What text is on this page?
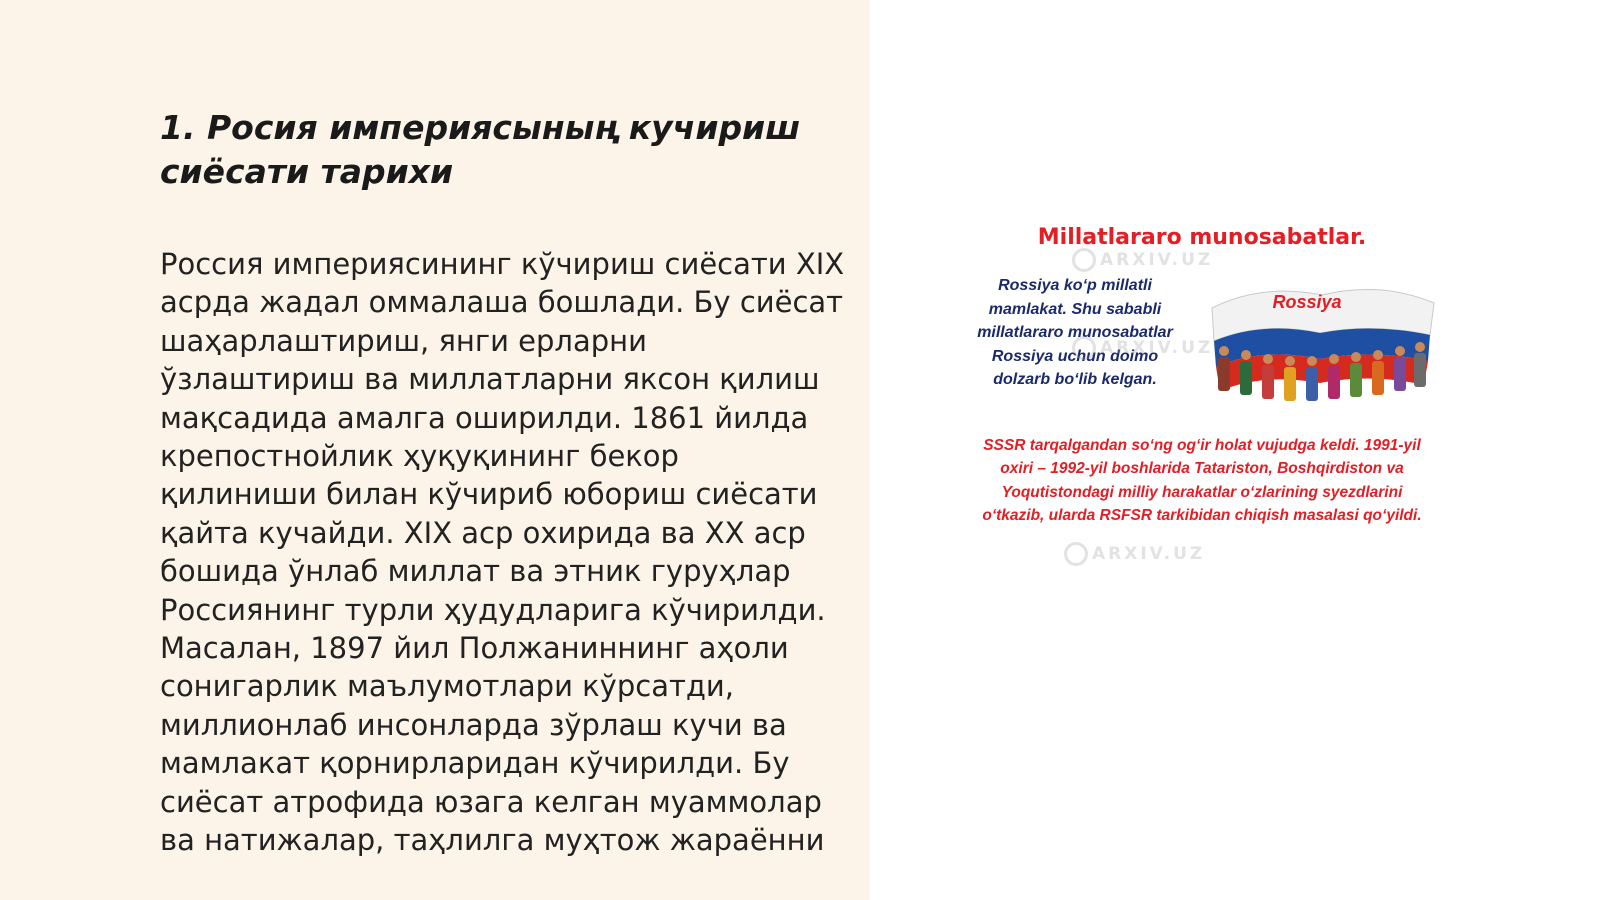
1. Росия империясының кучириш сиёсати тарихи

Россия империясининг кўчириш сиёсати XIX асрда жадал оммалаша бошлади. Бу сиёсат шаҳарлаштириш, янги ерларни ўзлаштириш ва миллатларни яксон қилиш мақсадида амалга оширилди. 1861 йилда крепостнойлик ҳуқуқининг бекор қилиниши билан кўчириб юбориш сиёсати қайта кучайди. XIX аср охирида ва XX аср бошида ўнлаб миллат ва этник гуруҳлар Россиянинг турли ҳудудларига кўчирилди. Масалан, 1897 йил Полжаниннинг аҳоли сонигарлик маълумотлари кўрсатди, миллионлаб инсонларда зўрлаш кучи ва мамлакат қорнирларидан кўчирилди. Бу сиёсат атрофида юзага келган муаммолар ва натижалар, таҳлилга муҳтож жараённи

Millatlararo munosabatlar.
Rossiya ko‘p millatli mamlakat. Shu sababli millatlararo munosabatlar Rossiya uchun doimo dolzarb bo‘lib kelgan.
Rossiya
SSSR tarqalgandan so‘ng og‘ir holat vujudga keldi. 1991-yil oxiri – 1992-yil boshlarida Tatariston, Boshqirdiston va Yoqutistondagi milliy harakatlar o‘zlarining syezdlarini o‘tkazib, ularda RSFSR tarkibidan chiqish masalasi qo‘yildi.
ARXIV.UZ
ARXIV.UZ
ARXIV.UZ
